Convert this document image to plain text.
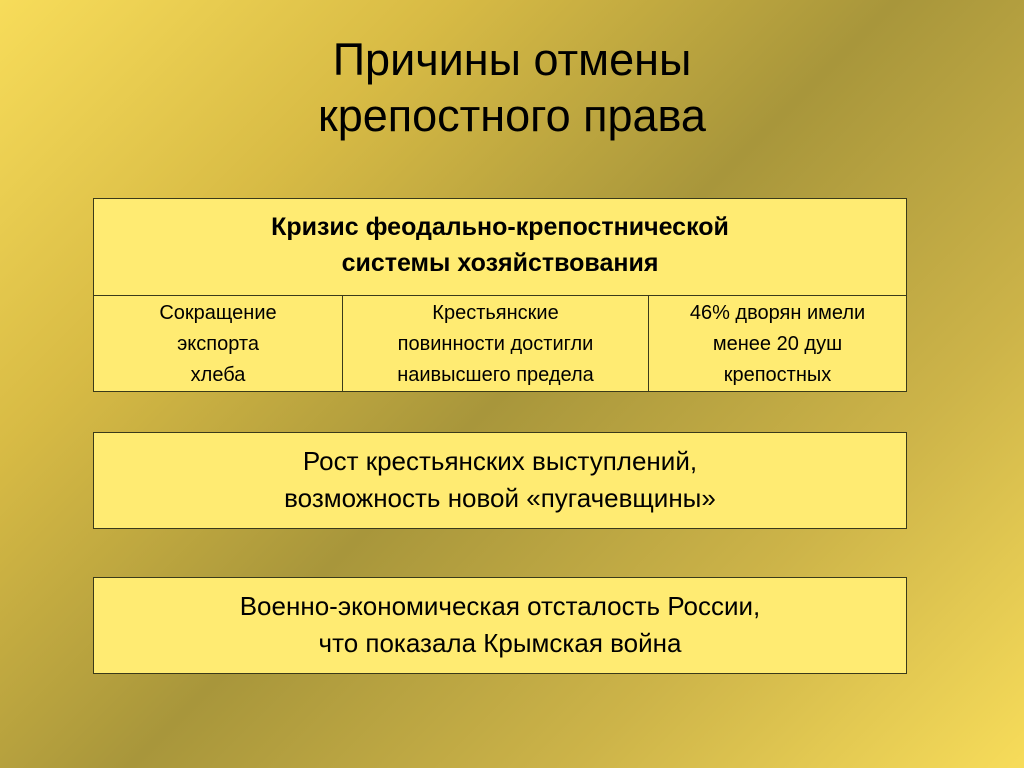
Причины отмены
крепостного права
Кризис феодально-крепостнической
системы хозяйствования
Сокращение
экспорта
хлеба
Крестьянские
повинности достигли
наивысшего предела
46% дворян имели
менее 20 душ
крепостных
Рост крестьянских выступлений,
возможность новой «пугачевщины»
Военно-экономическая отсталость России,
что показала Крымская война
